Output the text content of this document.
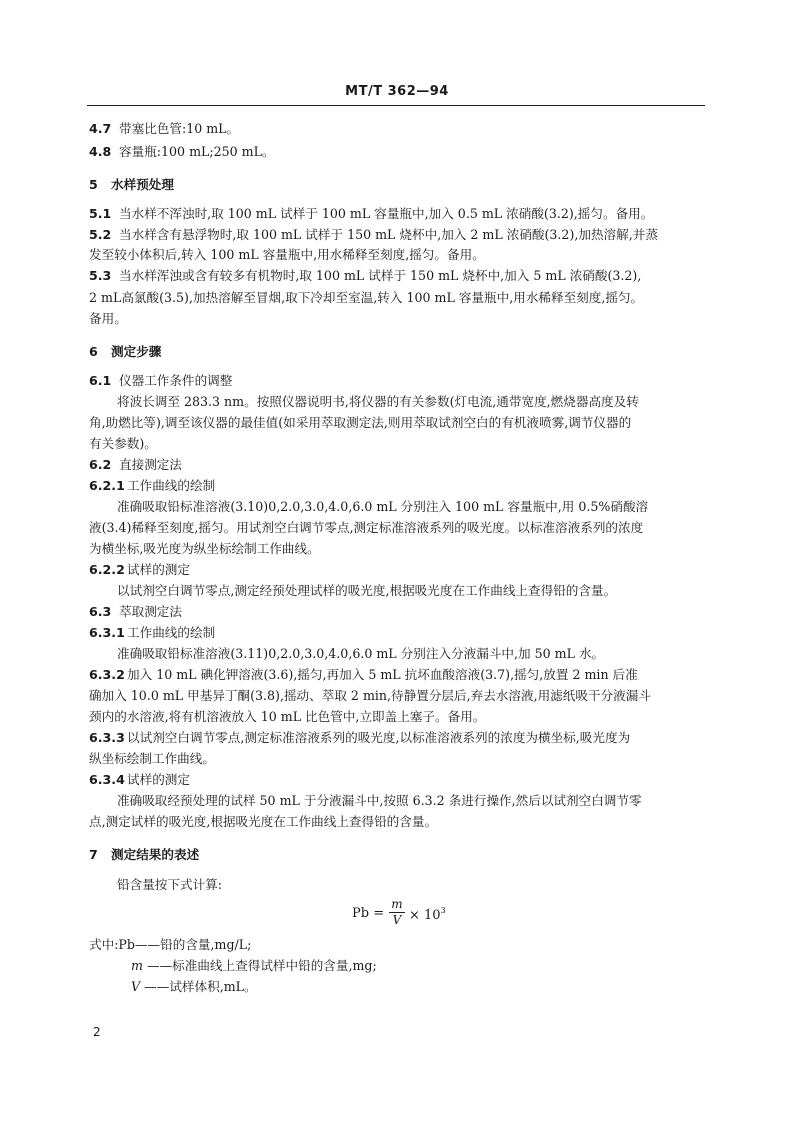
MT/T 362—94
4.7 带塞比色管:10 mL。
4.8 容量瓶:100 mL;250 mL。
5 水样预处理
5.1 当水样不浑浊时,取 100 mL 试样于 100 mL 容量瓶中,加入 0.5 mL 浓硝酸(3.2),摇匀。备用。
5.2 当水样含有悬浮物时,取 100 mL 试样于 150 mL 烧杯中,加入 2 mL 浓硝酸(3.2),加热溶解,并蒸
发至较小体积后,转入 100 mL 容量瓶中,用水稀释至刻度,摇匀。备用。
5.3 当水样浑浊或含有较多有机物时,取 100 mL 试样于 150 mL 烧杯中,加入 5 mL 浓硝酸(3.2),
2 mL高氯酸(3.5),加热溶解至冒烟,取下冷却至室温,转入 100 mL 容量瓶中,用水稀释至刻度,摇匀。
备用。
6 测定步骤
6.1 仪器工作条件的调整
将波长调至 283.3 nm。按照仪器说明书,将仪器的有关参数(灯电流,通带宽度,燃烧器高度及转
角,助燃比等),调至该仪器的最佳值(如采用萃取测定法,则用萃取试剂空白的有机液喷雾,调节仪器的
有关参数)。
6.2 直接测定法
6.2.1 工作曲线的绘制
准确吸取铅标准溶液(3.10)0,2.0,3.0,4.0,6.0 mL 分别注入 100 mL 容量瓶中,用 0.5%硝酸溶
液(3.4)稀释至刻度,摇匀。用试剂空白调节零点,测定标准溶液系列的吸光度。以标准溶液系列的浓度
为横坐标,吸光度为纵坐标绘制工作曲线。
6.2.2 试样的测定
以试剂空白调节零点,测定经预处理试样的吸光度,根据吸光度在工作曲线上查得铅的含量。
6.3 萃取测定法
6.3.1 工作曲线的绘制
准确吸取铅标准溶液(3.11)0,2.0,3.0,4.0,6.0 mL 分别注入分液漏斗中,加 50 mL 水。
6.3.2 加入 10 mL 碘化钾溶液(3.6),摇匀,再加入 5 mL 抗坏血酸溶液(3.7),摇匀,放置 2 min 后准
确加入 10.0 mL 甲基异丁酮(3.8),摇动、萃取 2 min,待静置分层后,弃去水溶液,用滤纸吸干分液漏斗
颈内的水溶液,将有机溶液放入 10 mL 比色管中,立即盖上塞子。备用。
6.3.3 以试剂空白调节零点,测定标准溶液系列的吸光度,以标准溶液系列的浓度为横坐标,吸光度为
纵坐标绘制工作曲线。
6.3.4 试样的测定
准确吸取经预处理的试样 50 mL 于分液漏斗中,按照 6.3.2 条进行操作,然后以试剂空白调节零
点,测定试样的吸光度,根据吸光度在工作曲线上查得铅的含量。
7 测定结果的表述
铅含量按下式计算:
Pb =
m
$V \times 10^3$
式中:Pb——铅的含量,mg/L;
m ——标准曲线上查得试样中铅的含量,mg;
V ——试样体积,mL。
2
